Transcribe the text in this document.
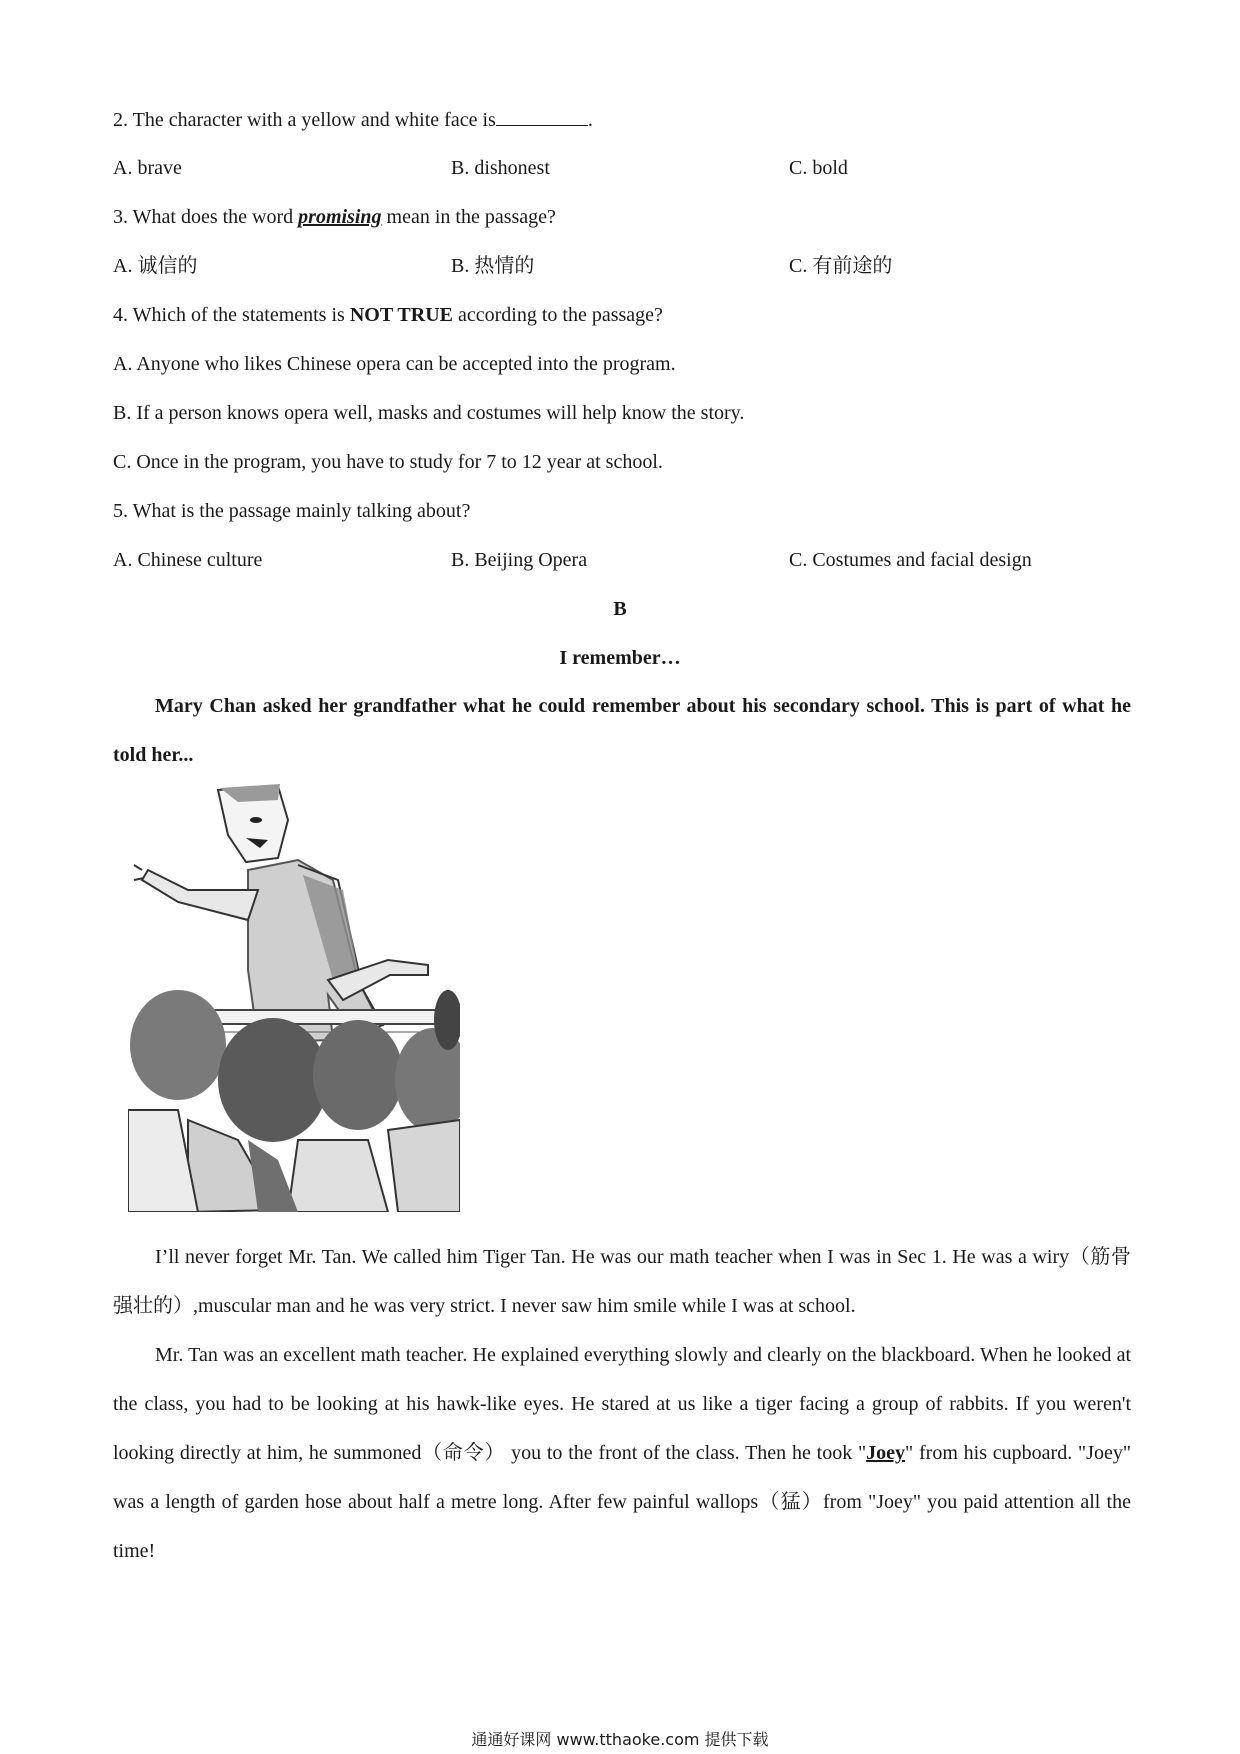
2. The character with a yellow and white face is	.
A. brave	B. dishonest	C. bold
3. What does the word promising mean in the passage?
A. 诚信的	B. 热情的	C. 有前途的
4. Which of the statements is NOT TRUE according to the passage?
A. Anyone who likes Chinese opera can be accepted into the program.
B. If a person knows opera well, masks and costumes will help know the story.
C. Once in the program, you have to study for 7 to 12 year at school.
5. What is the passage mainly talking about?
A. Chinese culture	B. Beijing Opera	C. Costumes and facial design
B
I remember…
Mary Chan asked her grandfather what he could remember about his secondary school. This is part of what he told her...
I’ll never forget Mr. Tan. We called him Tiger Tan. He was our math teacher when I was in Sec 1. He was a wiry（筋骨强壮的）,muscular man and he was very strict. I never saw him smile while I was at school.
Mr. Tan was an excellent math teacher. He explained everything slowly and clearly on the blackboard. When he looked at the class, you had to be looking at his hawk-like eyes. He stared at us like a tiger facing a group of rabbits. If you weren't looking directly at him, he summoned（命令） you to the front of the class. Then he took "Joey" from his cupboard. "Joey" was a length of garden hose about half a metre long. After few painful wallops（猛）from "Joey" you paid attention all the time!
通通好课网 www.tthaoke.com 提供下载
